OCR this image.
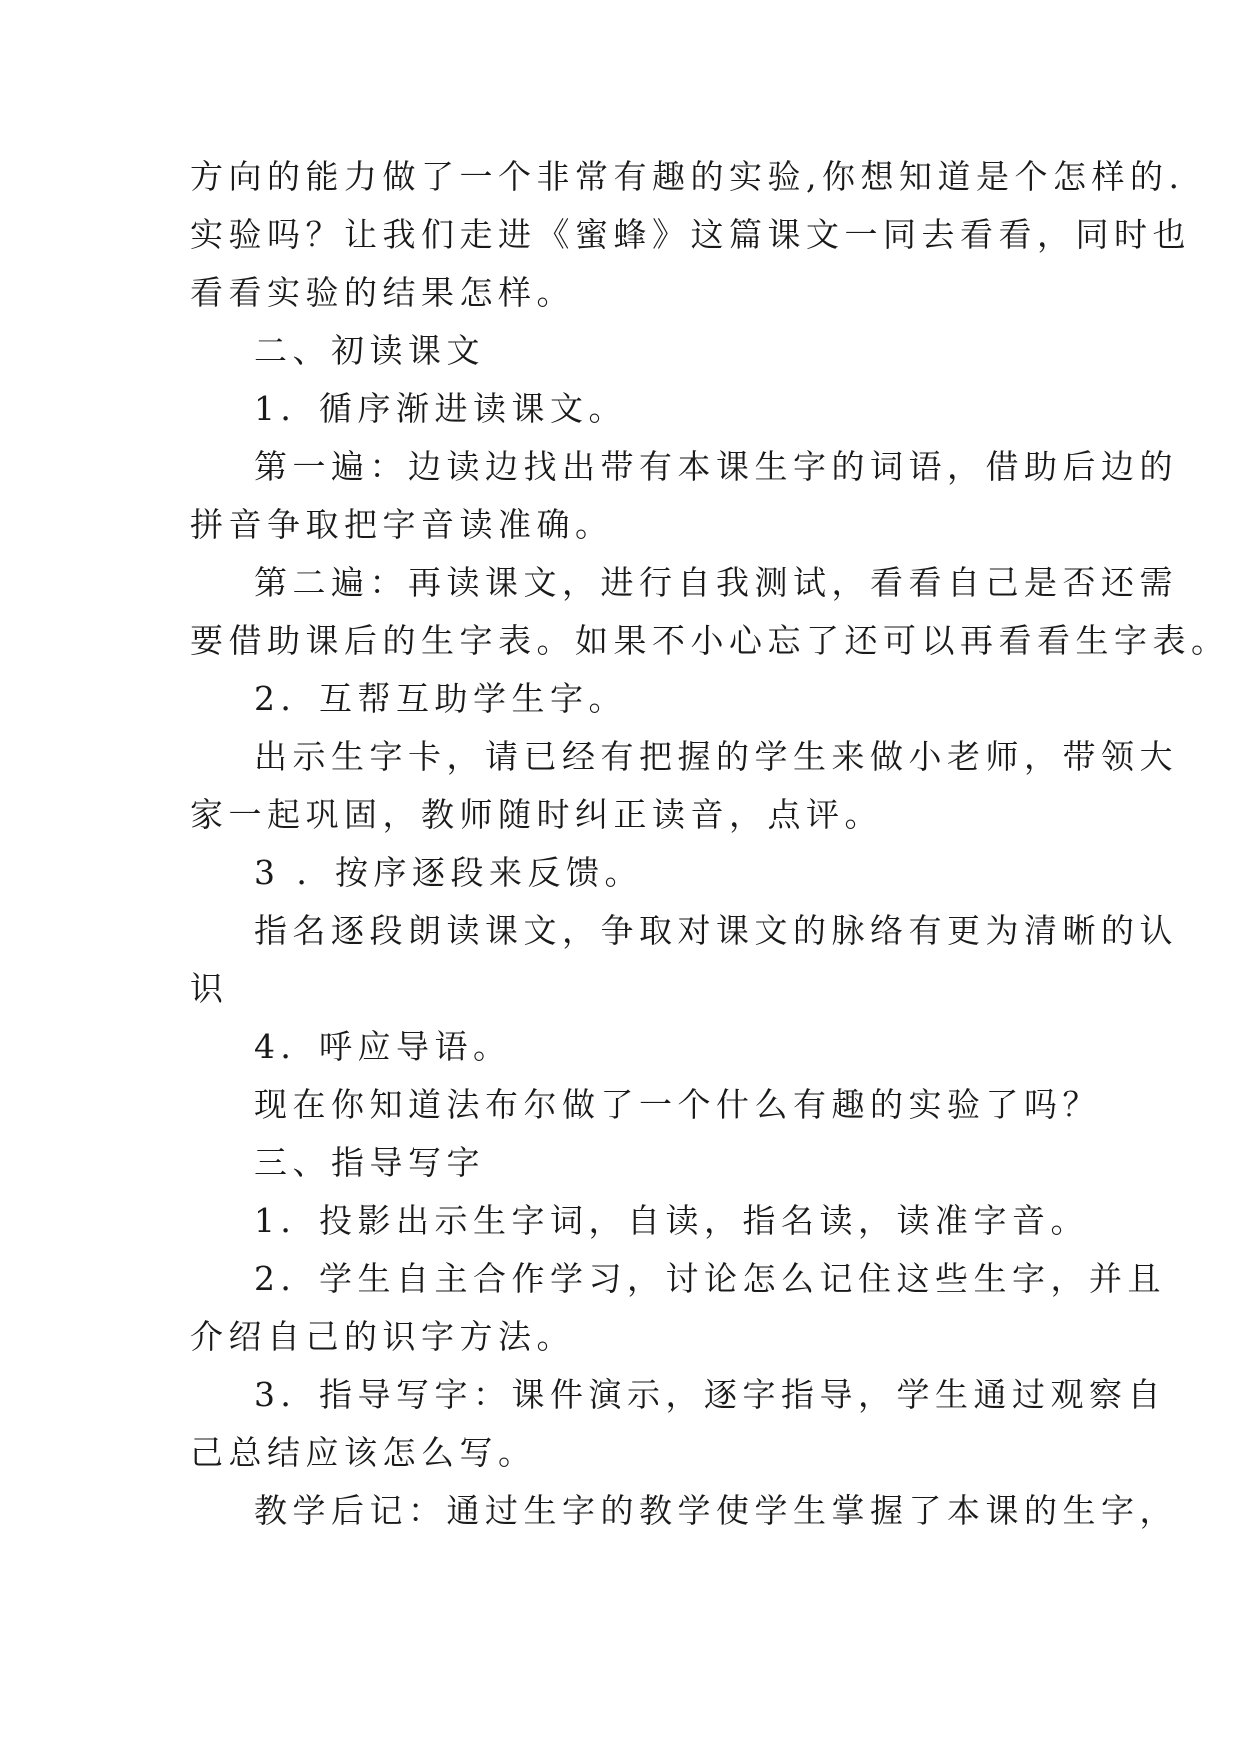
方向的能力做了一个非常有趣的实验,你想知道是个怎样的.
实验吗？让我们走进《蜜蜂》这篇课文一同去看看，同时也
看看实验的结果怎样。
二、初读课文
1．循序渐进读课文。
第一遍：边读边找出带有本课生字的词语，借助后边的
拼音争取把字音读准确。
第二遍：再读课文，进行自我测试，看看自己是否还需
要借助课后的生字表。如果不小心忘了还可以再看看生字表。
2．互帮互助学生字。
出示生字卡，请已经有把握的学生来做小老师，带领大
家一起巩固，教师随时纠正读音，点评。
3 ．按序逐段来反馈。
指名逐段朗读课文，争取对课文的脉络有更为清晰的认
识
4．呼应导语。
现在你知道法布尔做了一个什么有趣的实验了吗？
三、指导写字
1．投影出示生字词，自读，指名读，读准字音。
2．学生自主合作学习，讨论怎么记住这些生字，并且
介绍自己的识字方法。
3．指导写字：课件演示，逐字指导，学生通过观察自
己总结应该怎么写。
教学后记：通过生字的教学使学生掌握了本课的生字，
